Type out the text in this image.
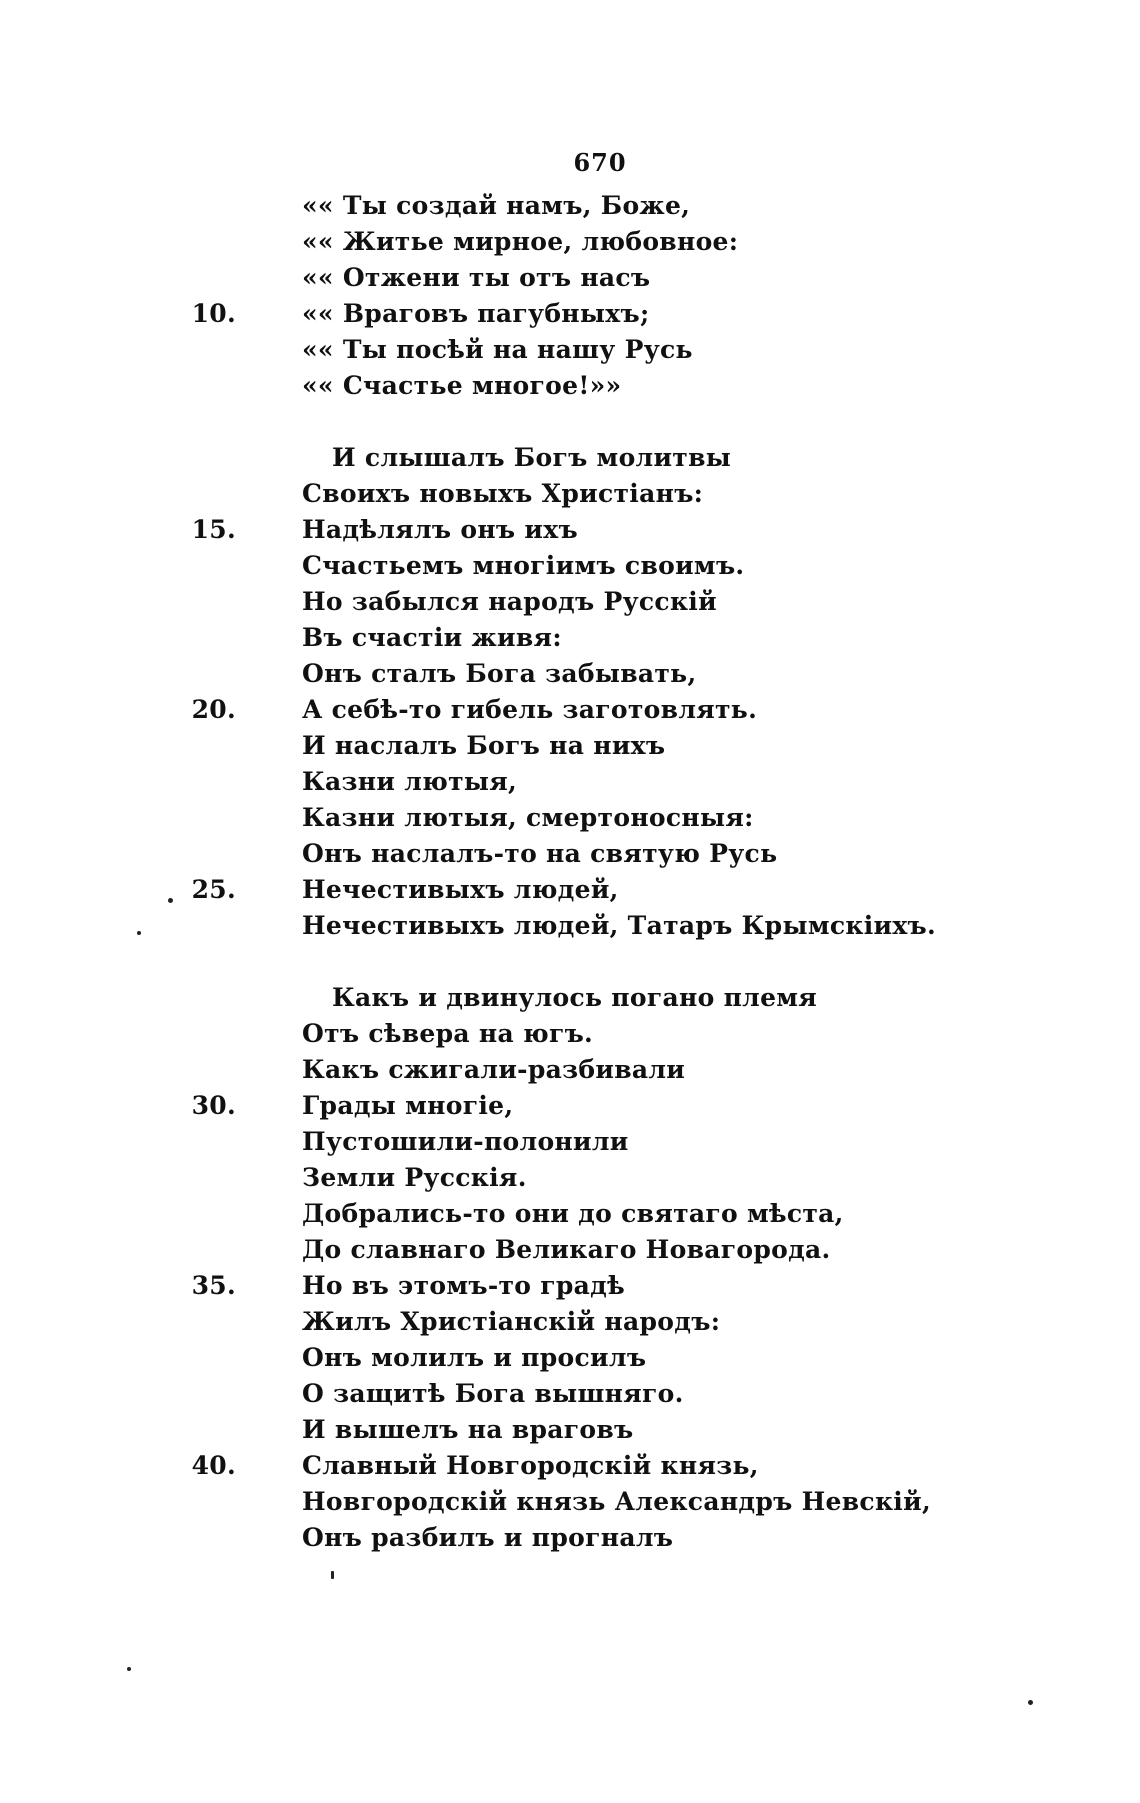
670
«« Ты создай намъ, Боже,
«« Житье мирное, любовное:
«« Отжени ты отъ насъ
10.	«« Враговъ пагубныхъ;
«« Ты посѣй на нашу Русь
«« Счастье многое!»»
И слышалъ Богъ молитвы
Своихъ новыхъ Христіанъ:
15.	Надѣлялъ онъ ихъ
Счастьемъ многіимъ своимъ.
Но забылся народъ Русскій
Въ счастіи живя:
Онъ сталъ Бога забывать,
20.	А себѣ-то гибель заготовлять.
И наслалъ Богъ на нихъ
Казни лютыя,
Казни лютыя, смертоносныя:
Онъ наслалъ-то на святую Русь
25.	Нечестивыхъ людей,
Нечестивыхъ людей, Татаръ Крымскіихъ.
Какъ и двинулось погано племя
Отъ сѣвера на югъ.
Какъ сжигали-разбивали
30.	Грады многіе,
Пустошили-полонили
Земли Русскія.
Добрались-то они до святаго мѣста,
До славнаго Великаго Новагорода.
35.	Но въ этомъ-то градѣ
Жилъ Христіанскій народъ:
Онъ молилъ и просилъ
О защитѣ Бога вышняго.
И вышелъ на враговъ
40.	Славный Новгородскій князь,
Новгородскій князь Александръ Невскій,
Онъ разбилъ и прогналъ
